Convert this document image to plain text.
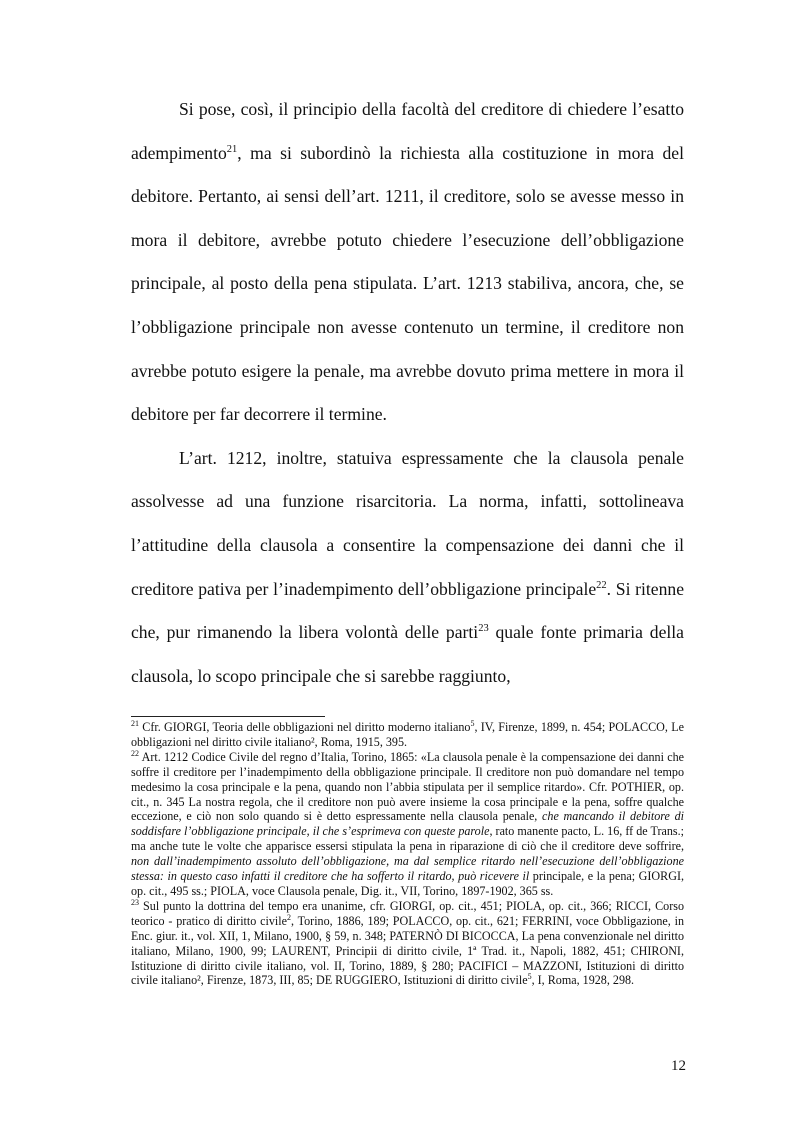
Si pose, così, il principio della facoltà del creditore di chiedere l’esatto adempimento$^{21}$, ma si subordinò la richiesta alla costituzione in mora del debitore. Pertanto, ai sensi dell’art. 1211, il creditore, solo se avesse messo in mora il debitore, avrebbe potuto chiedere l’esecuzione dell’obbligazione principale, al posto della pena stipulata. L’art. 1213 stabiliva, ancora, che, se l’obbligazione principale non avesse contenuto un termine, il creditore non avrebbe potuto esigere la penale, ma avrebbe dovuto prima mettere in mora il debitore per far decorrere il termine.

L’art. 1212, inoltre, statuiva espressamente che la clausola penale assolvesse ad una funzione risarcitoria. La norma, infatti, sottolineava l’attitudine della clausola a consentire la compensazione dei danni che il creditore pativa per l’inadempimento dell’obbligazione principale$^{22}$. Si ritenne che, pur rimanendo la libera volontà delle parti$^{23}$ quale fonte primaria della clausola, lo scopo principale che si sarebbe raggiunto,

$^{21}$ Cfr. GIORGI, Teoria delle obbligazioni nel diritto moderno italiano$^5$, IV, Firenze, 1899, n. 454; POLACCO, Le obbligazioni nel diritto civile italiano², Roma, 1915, 395.

$^{22}$ Art. 1212 Codice Civile del regno d’Italia, Torino, 1865: «La clausola penale è la compensazione dei danni che soffre il creditore per l’inadempimento della obbligazione principale. Il creditore non può domandare nel tempo medesimo la cosa principale e la pena, quando non l’abbia stipulata per il semplice ritardo». Cfr. POTHIER, op. cit., n. 345 La nostra regola, che il creditore non può avere insieme la cosa principale e la pena, soffre qualche eccezione, e ciò non solo quando si è detto espressamente nella clausola penale, che mancando il debitore di soddisfare l’obbligazione principale, il che s’esprimeva con queste parole, rato manente pacto, L. 16, ff de Trans.; ma anche tute le volte che apparisce essersi stipulata la pena in riparazione di ciò che il creditore deve soffrire, non dall’inadempimento assoluto dell’obbligazione, ma dal semplice ritardo nell’esecuzione dell’obbligazione stessa: in questo caso infatti il creditore che ha sofferto il ritardo, può ricevere il principale, e la pena; GIORGI, op. cit., 495 ss.; PIOLA, voce Clausola penale, Dig. it., VII, Torino, 1897-1902, 365 ss.

$^{23}$ Sul punto la dottrina del tempo era unanime, cfr. GIORGI, op. cit., 451; PIOLA, op. cit., 366; RICCI, Corso teorico - pratico di diritto civile$^2$, Torino, 1886, 189; POLACCO, op. cit., 621; FERRINI, voce Obbligazione, in Enc. giur. it., vol. XII, 1, Milano, 1900, § 59, n. 348; PATERNÒ DI BICOCCA, La pena convenzionale nel diritto italiano, Milano, 1900, 99; LAURENT, Principii di diritto civile, 1ª Trad. it., Napoli, 1882, 451; CHIRONI, Istituzione di diritto civile italiano, vol. II, Torino, 1889, § 280; PACIFICI – MAZZONI, Istituzioni di diritto civile italiano², Firenze, 1873, III, 85; DE RUGGIERO, Istituzioni di diritto civile$^5$, I, Roma, 1928, 298.

12
